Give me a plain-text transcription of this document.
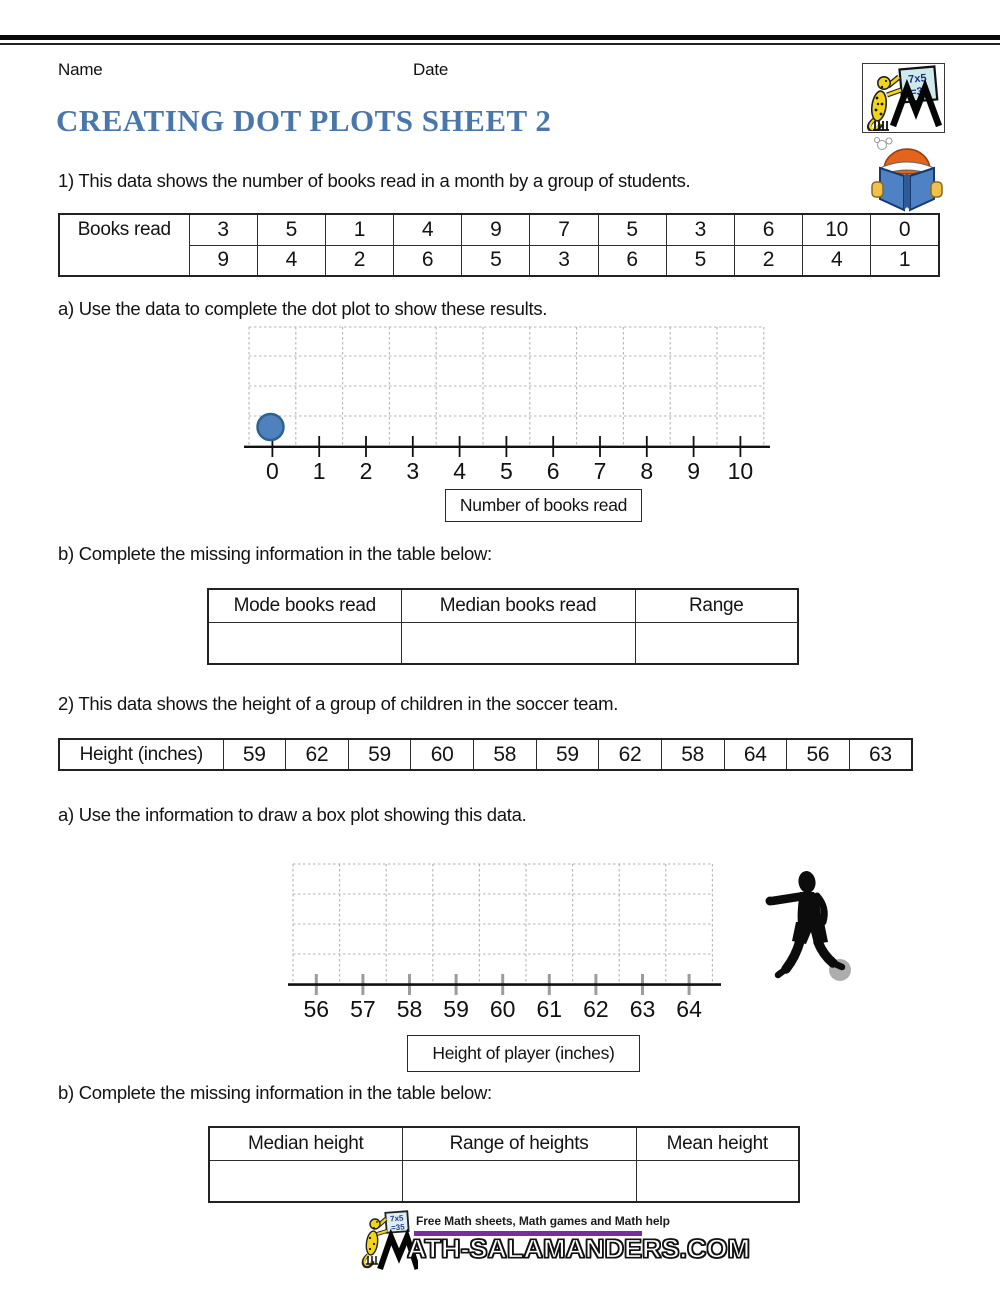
Name	Date
7x5
=35
CREATING DOT PLOTS SHEET 2
1) This data shows the number of books read in a month by a group of students.
Books read	3	5	1	4	9	7	5	3	6	10	0
	9	4	2	6	5	3	6	5	2	4	1
a) Use the data to complete the dot plot to show these results.
0 1 2 3 4 5 6 7 8 9 10
Number of books read
b) Complete the missing information in the table below:
Mode books read	Median books read	Range

2) This data shows the height of a group of children in the soccer team.
Height (inches)	59	62	59	60	58	59	62	58	64	56	63
a) Use the information to draw a box plot showing this data.
56 57 58 59 60 61 62 63 64
Height of player (inches)
b) Complete the missing information in the table below:
Median height	Range of heights	Mean height

7x5
=35 Free Math sheets, Math games and Math help
ATH-SALAMANDERS.COM
